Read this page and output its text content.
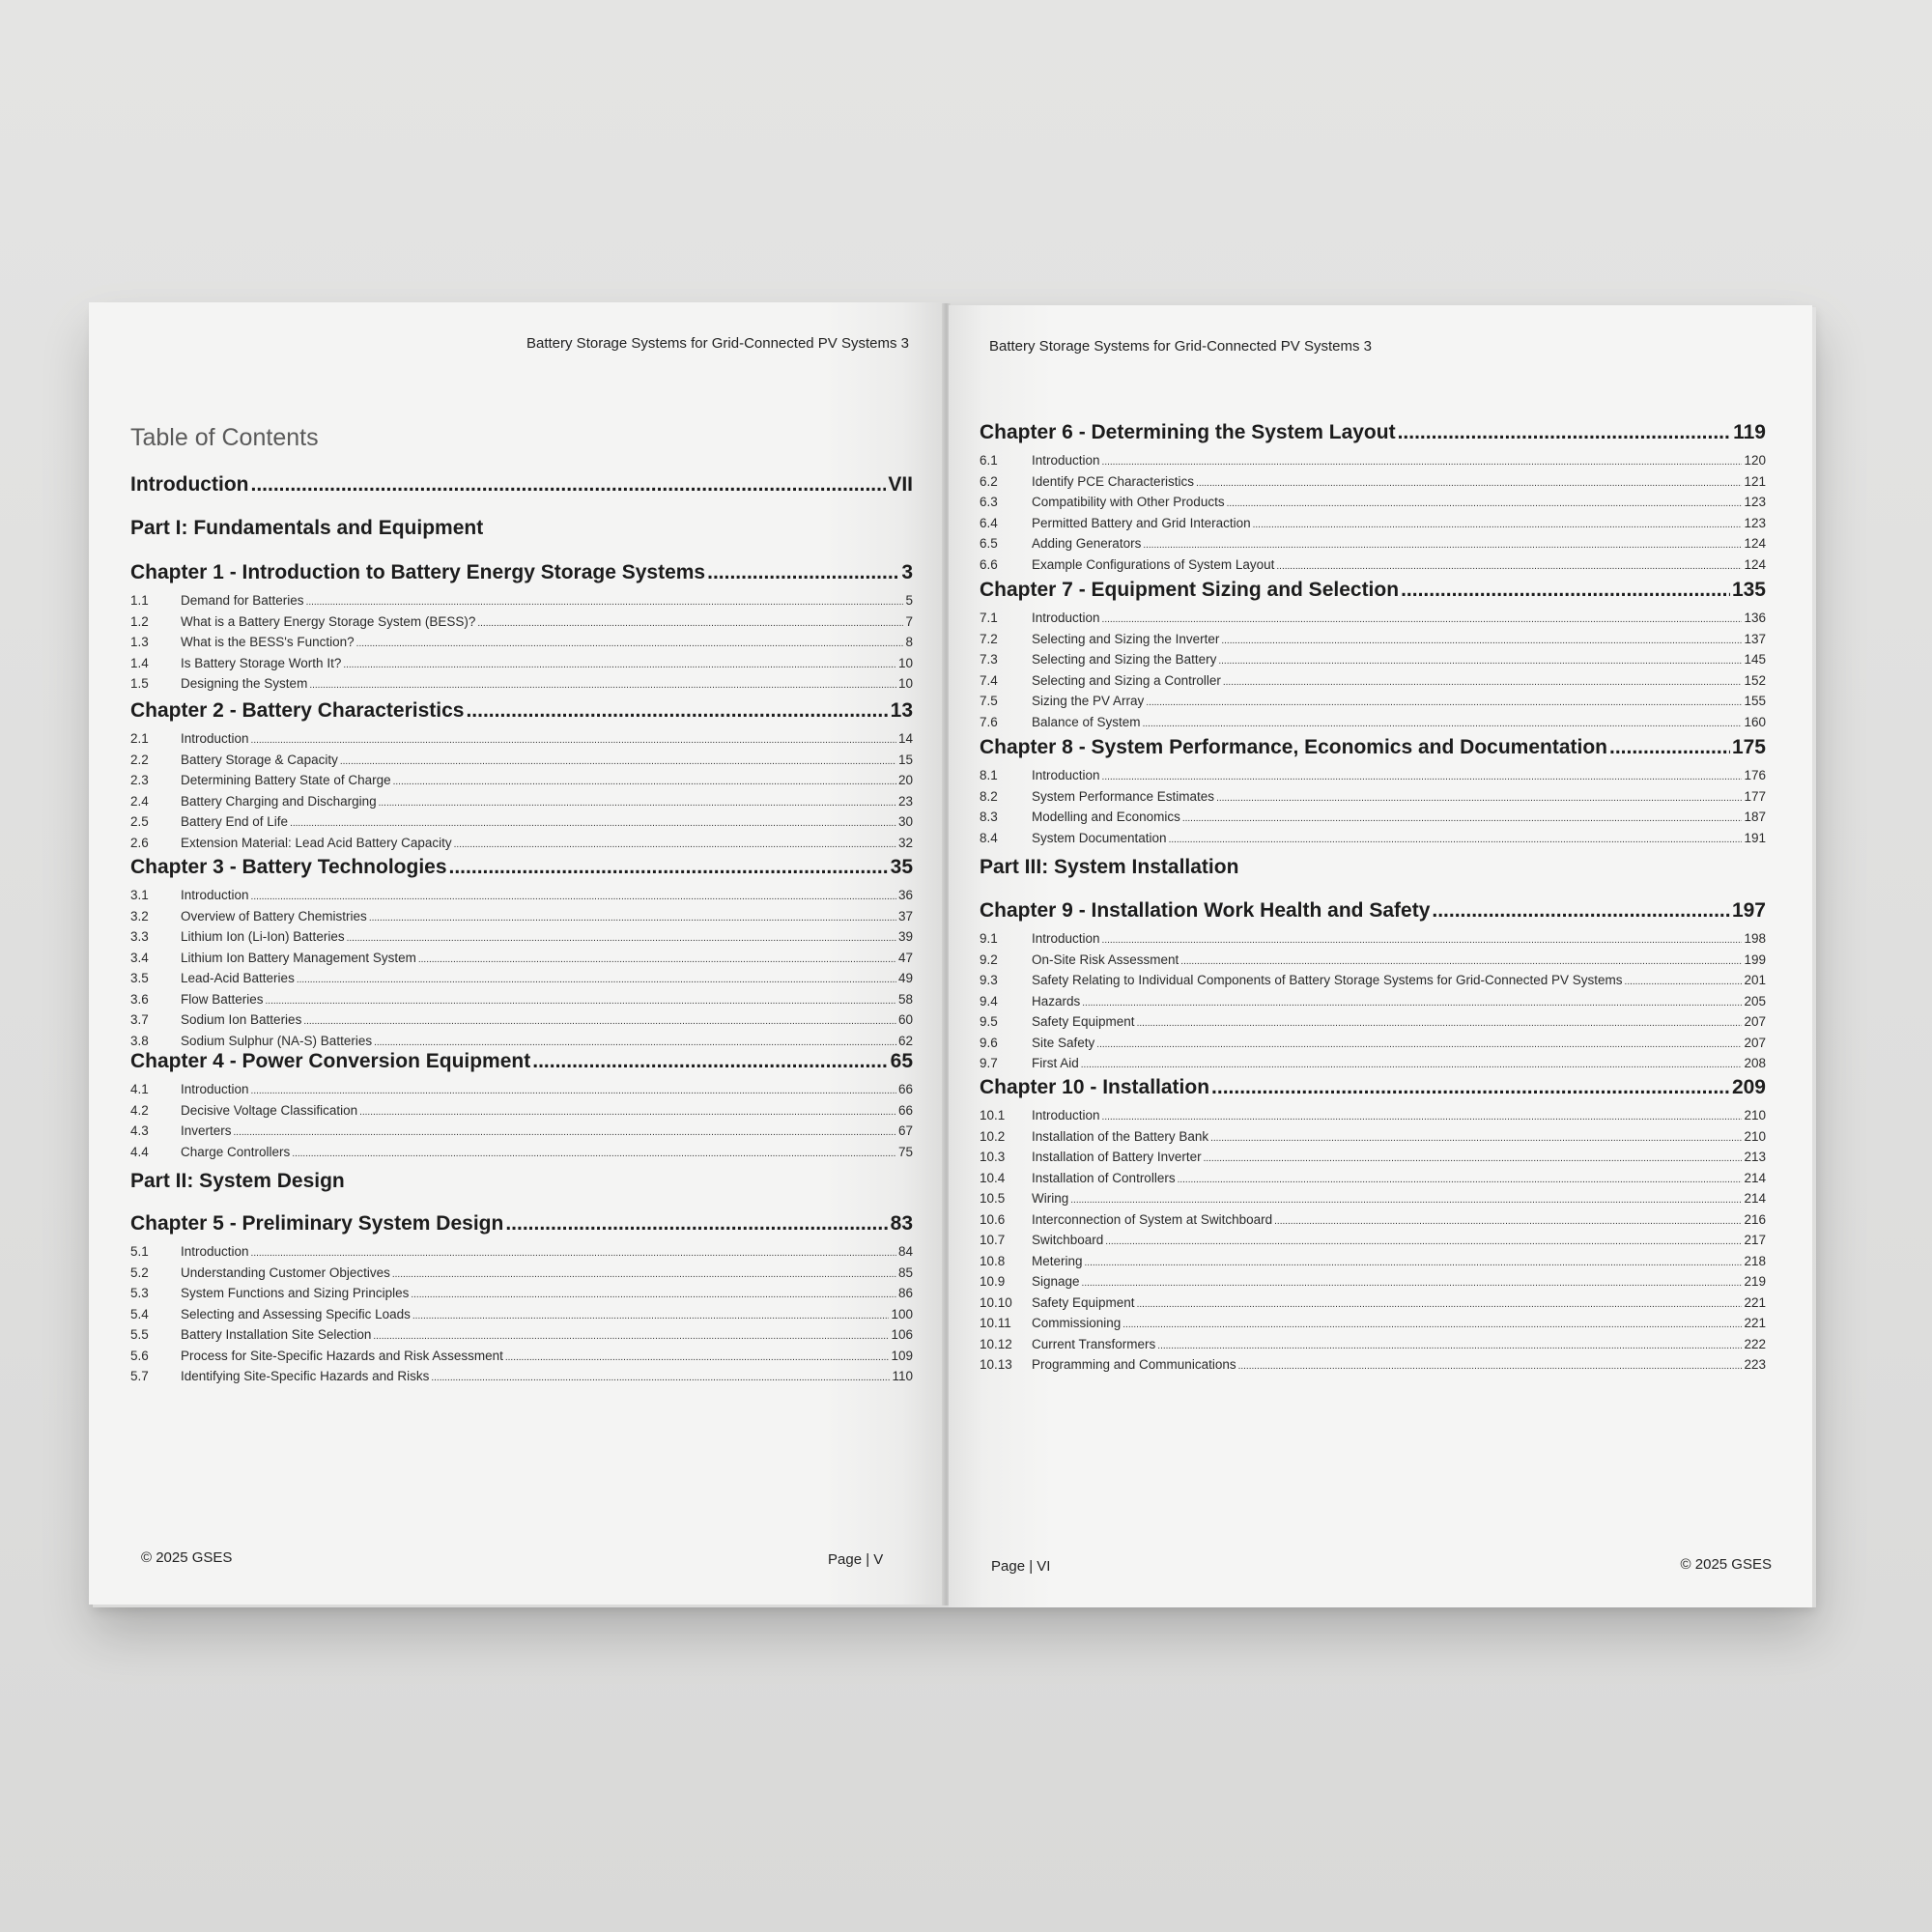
Battery Storage Systems for Grid-Connected PV Systems 3
Table of Contents
Introduction .....	VII
Part I: Fundamentals and Equipment
Chapter 1 - Introduction to Battery Energy Storage Systems .....	3
1.1	Demand for Batteries .....	5
1.2	What is a Battery Energy Storage System (BESS)? .....	7
1.3	What is the BESS's Function? .....	8
1.4	Is Battery Storage Worth It? .....	10
1.5	Designing the System .....	10
Chapter 2 - Battery Characteristics .....	13
2.1	Introduction .....	14
2.2	Battery Storage & Capacity .....	15
2.3	Determining Battery State of Charge .....	20
2.4	Battery Charging and Discharging .....	23
2.5	Battery End of Life .....	30
2.6	Extension Material: Lead Acid Battery Capacity .....	32
Chapter 3 - Battery Technologies .....	35
3.1	Introduction .....	36
3.2	Overview of Battery Chemistries .....	37
3.3	Lithium Ion (Li-Ion) Batteries .....	39
3.4	Lithium Ion Battery Management System .....	47
3.5	Lead-Acid Batteries .....	49
3.6	Flow Batteries .....	58
3.7	Sodium Ion Batteries .....	60
3.8	Sodium Sulphur (NA-S) Batteries .....	62
Chapter 4 - Power Conversion Equipment .....	65
4.1	Introduction .....	66
4.2	Decisive Voltage Classification .....	66
4.3	Inverters .....	67
4.4	Charge Controllers .....	75
Part II: System Design
Chapter 5 - Preliminary System Design .....	83
5.1	Introduction .....	84
5.2	Understanding Customer Objectives .....	85
5.3	System Functions and Sizing Principles .....	86
5.4	Selecting and Assessing Specific Loads .....	100
5.5	Battery Installation Site Selection .....	106
5.6	Process for Site-Specific Hazards and Risk Assessment .....	109
5.7	Identifying Site-Specific Hazards and Risks .....	110
© 2025 GSES	Page | V
Battery Storage Systems for Grid-Connected PV Systems 3
Chapter 6 - Determining the System Layout .....	119
6.1	Introduction .....	120
6.2	Identify PCE Characteristics .....	121
6.3	Compatibility with Other Products .....	123
6.4	Permitted Battery and Grid Interaction .....	123
6.5	Adding Generators .....	124
6.6	Example Configurations of System Layout .....	124
Chapter 7 - Equipment Sizing and Selection .....	135
7.1	Introduction .....	136
7.2	Selecting and Sizing the Inverter .....	137
7.3	Selecting and Sizing the Battery .....	145
7.4	Selecting and Sizing a Controller .....	152
7.5	Sizing the PV Array .....	155
7.6	Balance of System .....	160
Chapter 8 - System Performance, Economics and Documentation .....	175
8.1	Introduction .....	176
8.2	System Performance Estimates .....	177
8.3	Modelling and Economics .....	187
8.4	System Documentation .....	191
Part III: System Installation
Chapter 9 - Installation Work Health and Safety .....	197
9.1	Introduction .....	198
9.2	On-Site Risk Assessment .....	199
9.3	Safety Relating to Individual Components of Battery Storage Systems for Grid-Connected PV Systems .....	201
9.4	Hazards .....	205
9.5	Safety Equipment .....	207
9.6	Site Safety .....	207
9.7	First Aid .....	208
Chapter 10 - Installation .....	209
10.1	Introduction .....	210
10.2	Installation of the Battery Bank .....	210
10.3	Installation of Battery Inverter .....	213
10.4	Installation of Controllers .....	214
10.5	Wiring .....	214
10.6	Interconnection of System at Switchboard .....	216
10.7	Switchboard .....	217
10.8	Metering .....	218
10.9	Signage .....	219
10.10	Safety Equipment .....	221
10.11	Commissioning .....	221
10.12	Current Transformers .....	222
10.13	Programming and Communications .....	223
Page | VI	© 2025 GSES
